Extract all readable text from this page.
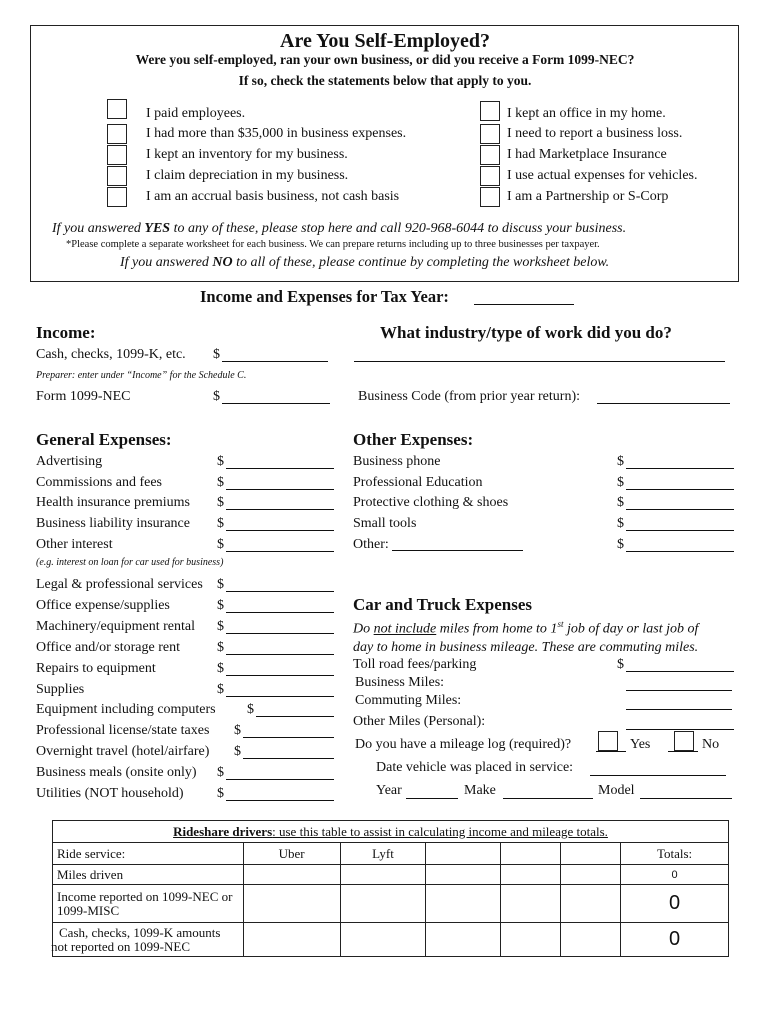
Are You Self-Employed?
Were you self-employed, ran your own business, or did you receive a Form 1099-NEC?
If so, check the statements below that apply to you.
I paid employees.
I had more than $35,000 in business expenses.
I kept an inventory for my business.
I claim depreciation in my business.
I am an accrual basis business, not cash basis
I kept an office in my home.
I need to report a business loss.
I had Marketplace Insurance
I use actual expenses for vehicles.
I am a Partnership or S-Corp
If you answered YES to any of these, please stop here and call 920-968-6044 to discuss your business.
*Please complete a separate worksheet for each business. We can prepare returns including up to three businesses per taxpayer.
If you answered NO to all of these, please continue by completing the worksheet below.
Income and Expenses for Tax Year:
Income:
Cash, checks, 1099-K, etc. $
Preparer: enter under “Income” for the Schedule C.
Form 1099-NEC	$
What industry/type of work did you do?
Business Code (from prior year return):
General Expenses:
Advertising	$
Commissions and fees	$
Health insurance premiums $
Business liability insurance $
Other interest	$
(e.g. interest on loan for car used for business)
Legal & professional services $
Office expense/supplies	$
Machinery/equipment rental $
Office and/or storage rent	$
Repairs to equipment	$
Supplies	$
Equipment including computers $
Professional license/state taxes $
Overnight travel (hotel/airfare) $
Business meals (onsite only) $
Utilities (NOT household) $
Other Expenses:
Business phone	$
Professional Education	$
Protective clothing & shoes	$
Small tools	$
Other:	$
Car and Truck Expenses
Do not include miles from home to 1st job of day or last job of
day to home in business mileage. These are commuting miles.
Toll road fees/parking	$
Business Miles:
Commuting Miles:
Other Miles (Personal):
Do you have a mileage log (required)?	Yes	No
Date vehicle was placed in service:
Year	Make	Model
Rideshare drivers: use this table to assist in calculating income and mileage totals.						
Ride service:	Uber	Lyft				Totals:
Miles driven						0
Income reported on 1099-NEC or 1099-MISC						0

Cash, checks, 1099-K amounts
not reported on 1099-NEC						0
